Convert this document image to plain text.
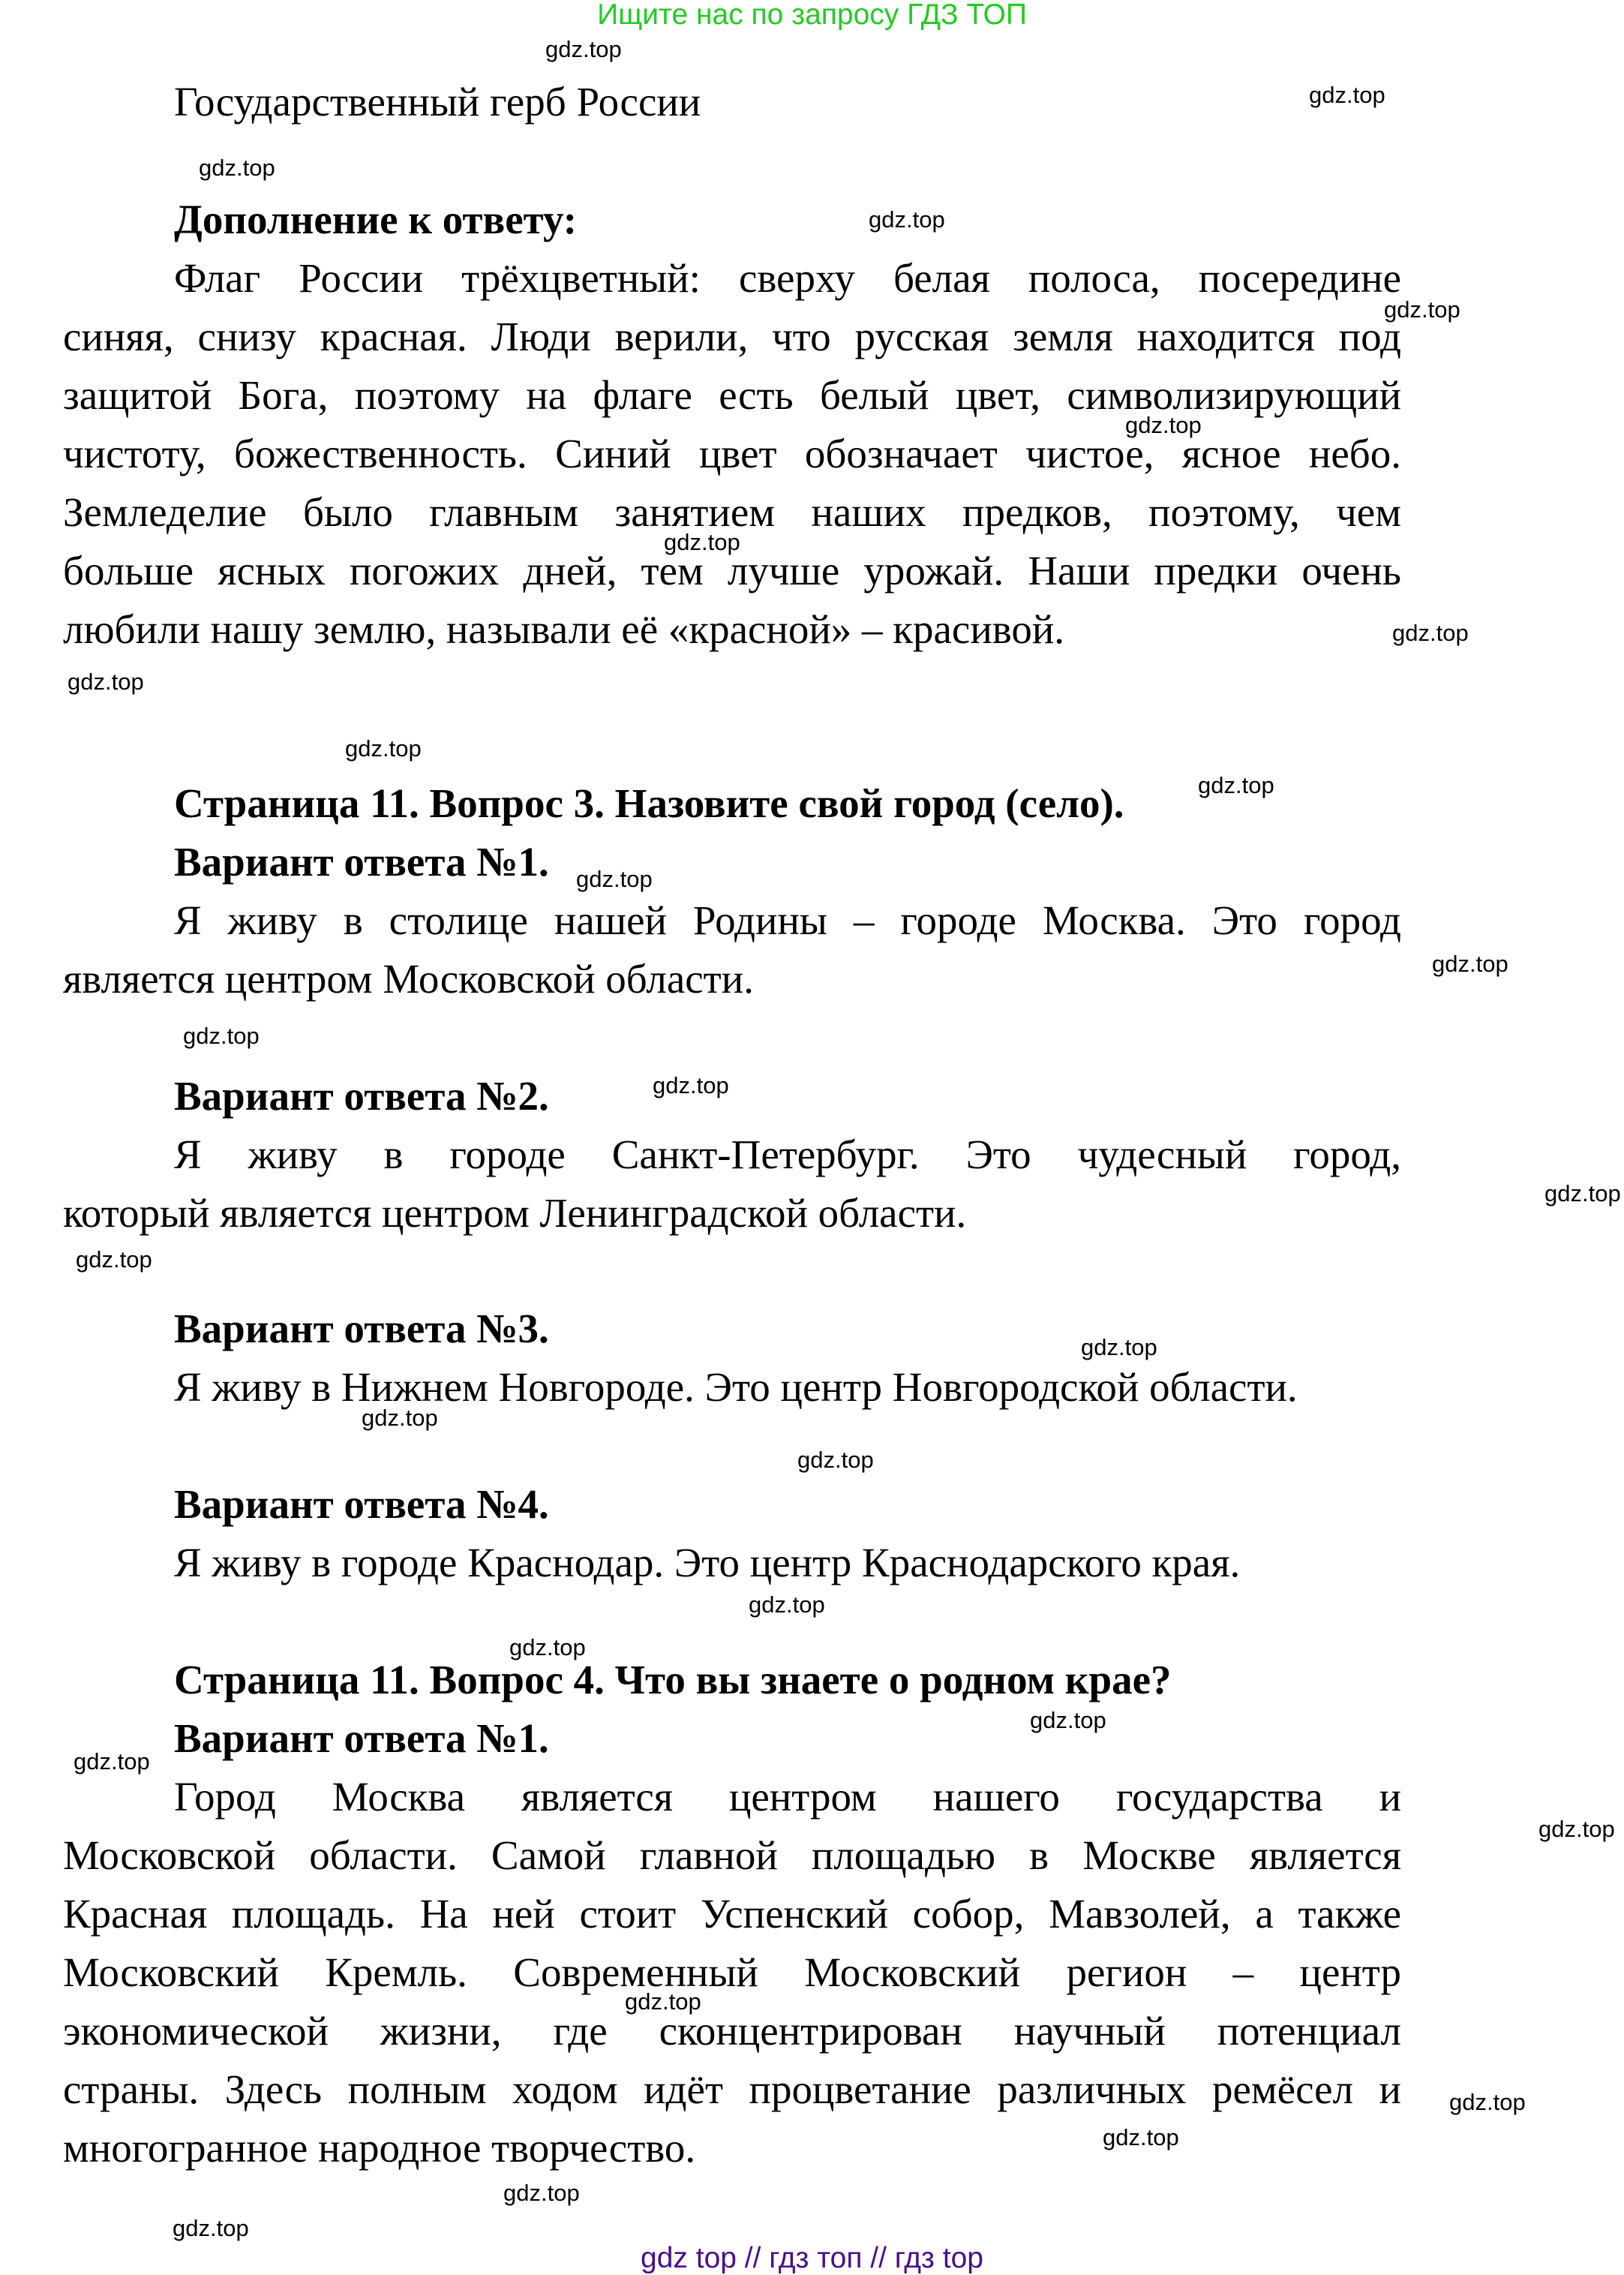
Ищите нас по запросу ГДЗ ТОП
Государственный герб России
Дополнение к ответу:
Флаг России трёхцветный: сверху белая полоса, посередине
синяя, снизу красная. Люди верили, что русская земля находится под
защитой Бога, поэтому на флаге есть белый цвет, символизирующий
чистоту, божественность. Синий цвет обозначает чистое, ясное небо.
Земледелие было главным занятием наших предков, поэтому, чем
больше ясных погожих дней, тем лучше урожай. Наши предки очень
любили нашу землю, называли её «красной» – красивой.
Страница 11. Вопрос 3. Назовите свой город (село).
Вариант ответа №1.
Я живу в столице нашей Родины – городе Москва. Это город
является центром Московской области.
Вариант ответа №2.
Я живу в городе Санкт-Петербург. Это чудесный город,
который является центром Ленинградской области.
Вариант ответа №3.
Я живу в Нижнем Новгороде. Это центр Новгородской области.
Вариант ответа №4.
Я живу в городе Краснодар. Это центр Краснодарского края.
Страница 11. Вопрос 4. Что вы знаете о родном крае?
Вариант ответа №1.
Город Москва является центром нашего государства и
Московской области. Самой главной площадью в Москве является
Красная площадь. На ней стоит Успенский собор, Мавзолей, а также
Московский Кремль. Современный Московский регион – центр
экономической жизни, где сконцентрирован научный потенциал
страны. Здесь полным ходом идёт процветание различных ремёсел и
многогранное народное творчество.
gdz top // гдз топ // гдз top
gdz.top
gdz.top
gdz.top
gdz.top
gdz.top
gdz.top
gdz.top
gdz.top
gdz.top
gdz.top
gdz.top
gdz.top
gdz.top
gdz.top
gdz.top
gdz.top
gdz.top
gdz.top
gdz.top
gdz.top
gdz.top
gdz.top
gdz.top
gdz.top
gdz.top
gdz.top
gdz.top
gdz.top
gdz.top
gdz.top
